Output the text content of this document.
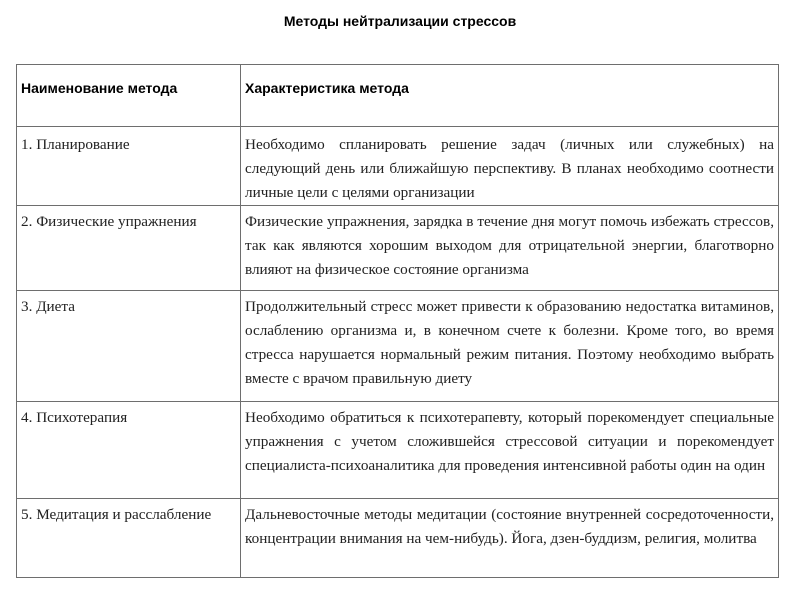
Методы нейтрализации стрессов
Наименование метода	Характеристика метода
1. Планирование	Необходимо спланировать решение задач (личных или служебных) на следующий день или ближайшую перспективу. В планах необходимо соотнести личные цели с целями организации
2. Физические упражнения	Физические упражнения, зарядка в течение дня могут помочь избежать стрессов, так как являются хорошим выходом для отрицательной энергии, благотворно влияют на физическое состояние организма
3. Диета	Продолжительный стресс может привести к образованию недостатка витаминов, ослаблению организма и, в конечном счете к болезни. Кроме того, во время стресса нарушается нормальный режим питания. Поэтому необходимо выбрать вместе с врачом правильную диету
4. Психотерапия	Необходимо обратиться к психотерапевту, который порекомендует специальные упражнения с учетом сложившейся стрессовой ситуации и порекомендует специалиста-психоаналитика для проведения интенсивной работы один на один
5. Медитация и расслабление	Дальневосточные методы медитации (состояние внутренней сосредоточенности, концентрации внимания на чем-нибудь). Йога, дзен-буддизм, религия, молитва
